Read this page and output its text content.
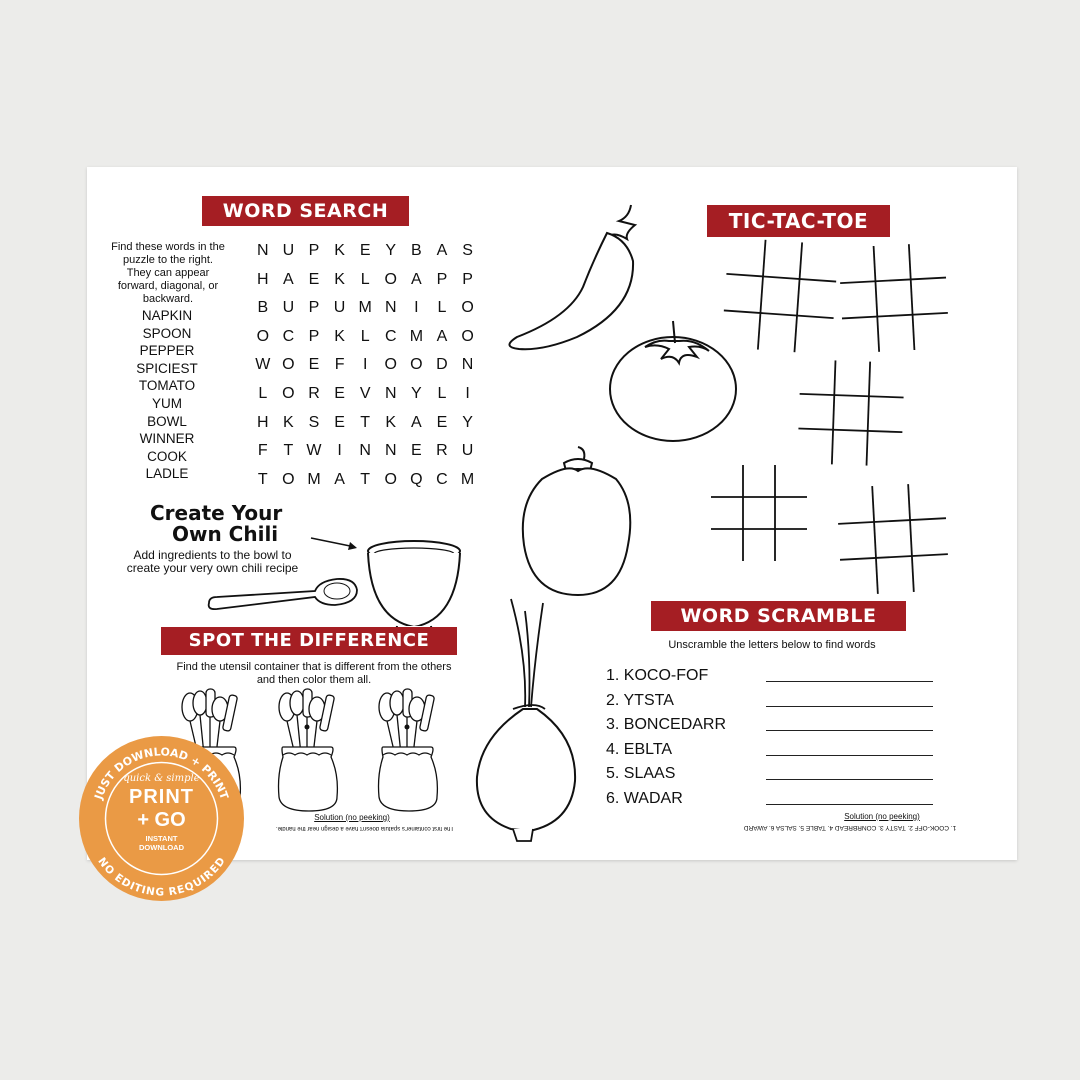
WORD SEARCH
Find these words in the puzzle to the right. They can appear forward, diagonal, or backward.
NAPKIN
SPOON
PEPPER
SPICIEST
TOMATO
YUM
BOWL
WINNER
COOK
LADLE
N U P K E Y B A S
H A E K L O A P P
B U P U M N	I	L O
O C P K L C M A O
W O E F	I	O O D N
L O R E V N Y L	I
H K S E T K A E Y
F T W I	N N E R U
T O M A T O Q C M
Create Your
Own Chili
Add ingredients to the bowl to create your very own chili recipe
SPOT THE DIFFERENCE
Find the utensil container that is different from the others and then color them all.
Solution (no peeking)
The first container's spatula doesn't have a design near the handle.
TIC-TAC-TOE
WORD SCRAMBLE
Unscramble the letters below to find words
1. KOCO-FOF
2. YTSTA
3. BONCEDARR
4. EBLTA
5. SLAAS
6. WADAR
Solution (no peeking)
1. COOK-OFF 2. TASTY 3. CONRBREAD 4. TABLE 5. SALSA 6. AWARD
JUST DOWNLOAD + PRINT
NO EDITING REQUIRED
quick & simple
PRINT
+ GO
INSTANT
DOWNLOAD
